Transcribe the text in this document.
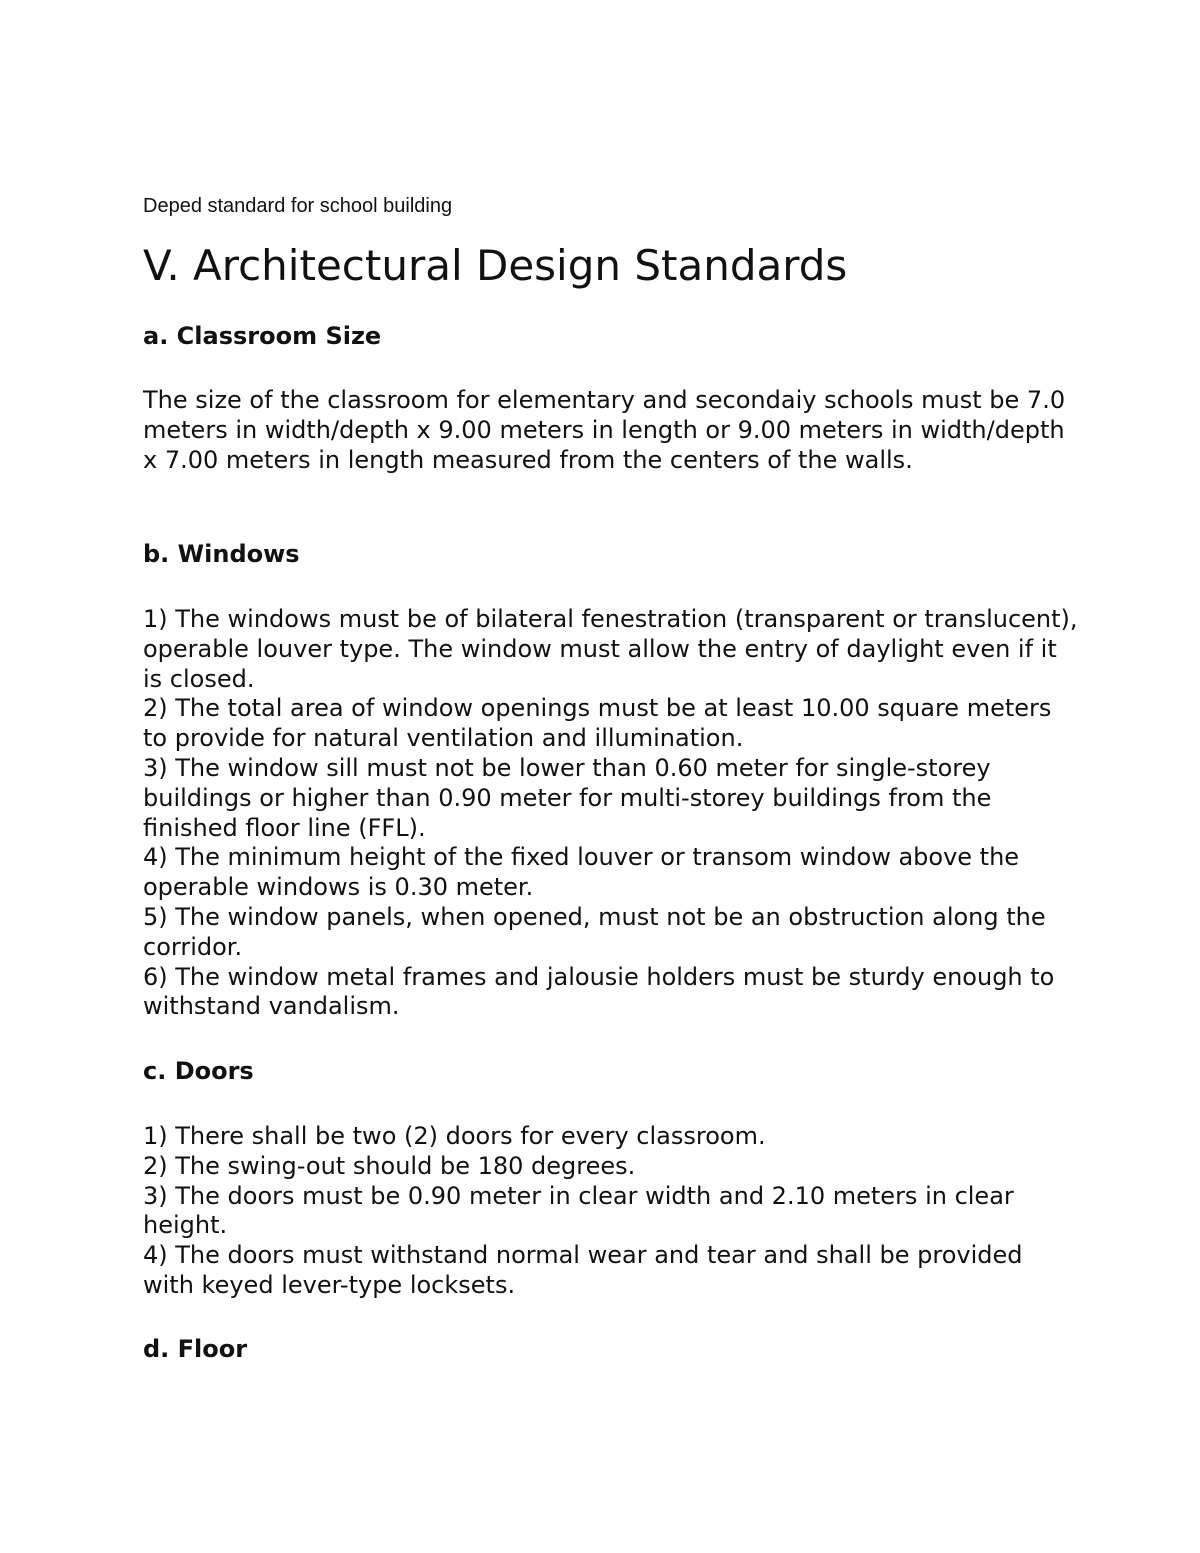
Deped standard for school building
V. Architectural Design Standards
a. Classroom Size

The size of the classroom for elementary and secondaiy schools must be 7.0 meters in width/depth x 9.00 meters in length or 9.00 meters in width/depth x 7.00 meters in length measured from the centers of the walls.

b. Windows
1) The windows must be of bilateral fenestration (transparent or translucent), operable louver type. The window must allow the entry of daylight even if it is closed.
2) The total area of window openings must be at least 10.00 square meters to provide for natural ventilation and illumination.
3) The window sill must not be lower than 0.60 meter for single-storey buildings or higher than 0.90 meter for multi-storey buildings from the finished floor line (FFL).
4) The minimum height of the fixed louver or transom window above the operable windows is 0.30 meter.
5) The window panels, when opened, must not be an obstruction along the corridor.
6) The window metal frames and jalousie holders must be sturdy enough to withstand vandalism.
c. Doors
1) There shall be two (2) doors for every classroom.
2) The swing-out should be 180 degrees.
3) The doors must be 0.90 meter in clear width and 2.10 meters in clear height.
4) The doors must withstand normal wear and tear and shall be provided with keyed lever-type locksets.
d. Floor
